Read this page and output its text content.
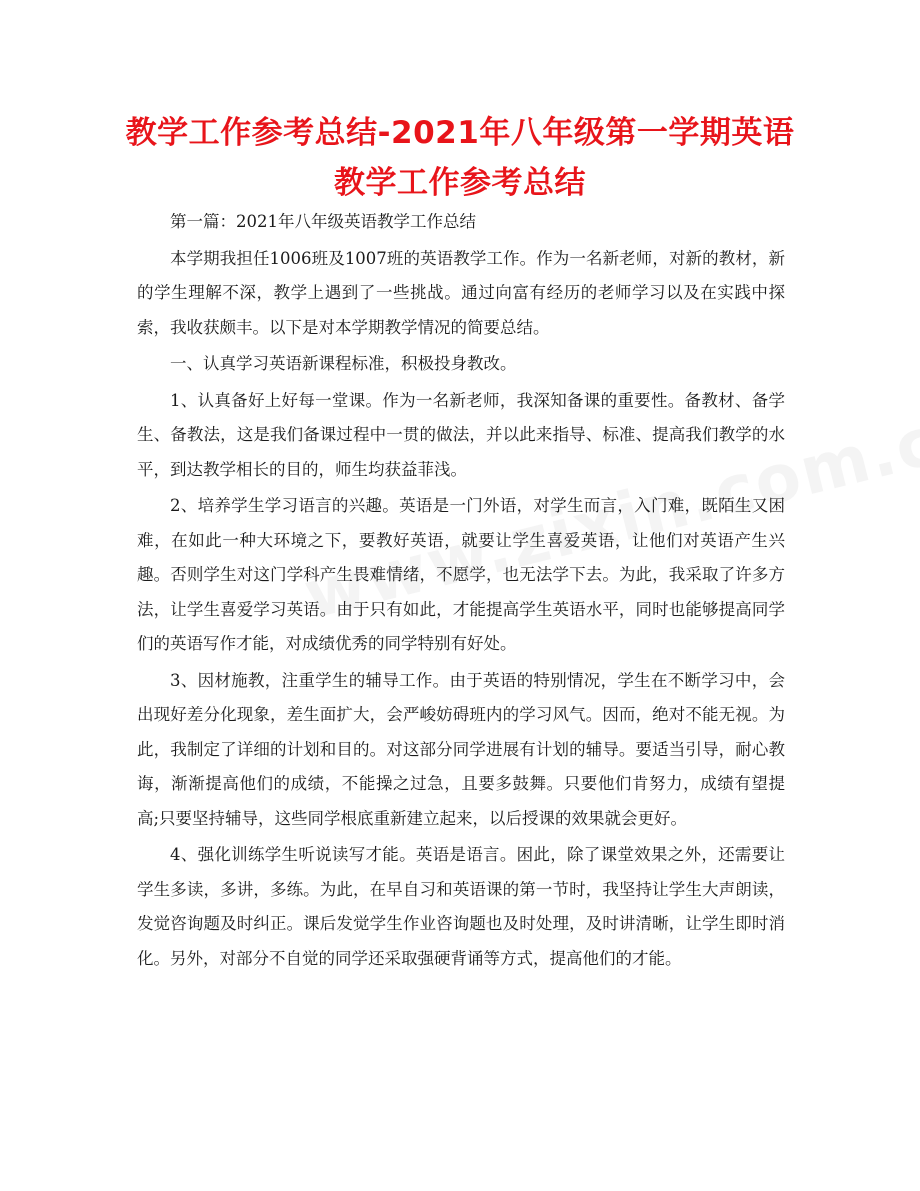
教学工作参考总结-2021年八年级第一学期英语教学工作参考总结

第一篇：2021年八年级英语教学工作总结

本学期我担任1006班及1007班的英语教学工作。作为一名新老师，对新的教材，新的学生理解不深，教学上遇到了一些挑战。通过向富有经历的老师学习以及在实践中探索，我收获颇丰。以下是对本学期教学情况的简要总结。

一、认真学习英语新课程标准，积极投身教改。

1、认真备好上好每一堂课。作为一名新老师，我深知备课的重要性。备教材、备学生、备教法，这是我们备课过程中一贯的做法，并以此来指导、标准、提高我们教学的水平，到达教学相长的目的，师生均获益菲浅。

2、培养学生学习语言的兴趣。英语是一门外语，对学生而言，入门难，既陌生又困难，在如此一种大环境之下，要教好英语，就要让学生喜爱英语，让他们对英语产生兴趣。否则学生对这门学科产生畏难情绪，不愿学，也无法学下去。为此，我采取了许多方法，让学生喜爱学习英语。由于只有如此，才能提高学生英语水平，同时也能够提高同学们的英语写作才能，对成绩优秀的同学特别有好处。

3、因材施教，注重学生的辅导工作。由于英语的特别情况，学生在不断学习中，会出现好差分化现象，差生面扩大，会严峻妨碍班内的学习风气。因而，绝对不能无视。为此，我制定了详细的计划和目的。对这部分同学进展有计划的辅导。要适当引导，耐心教诲，渐渐提高他们的成绩，不能操之过急，且要多鼓舞。只要他们肯努力，成绩有望提高;只要坚持辅导，这些同学根底重新建立起来，以后授课的效果就会更好。

4、强化训练学生听说读写才能。英语是语言。困此，除了课堂效果之外，还需要让学生多读，多讲，多练。为此，在早自习和英语课的第一节时，我坚持让学生大声朗读，发觉咨询题及时纠正。课后发觉学生作业咨询题也及时处理，及时讲清晰，让学生即时消化。另外，对部分不自觉的同学还采取强硬背诵等方式，提高他们的才能。
